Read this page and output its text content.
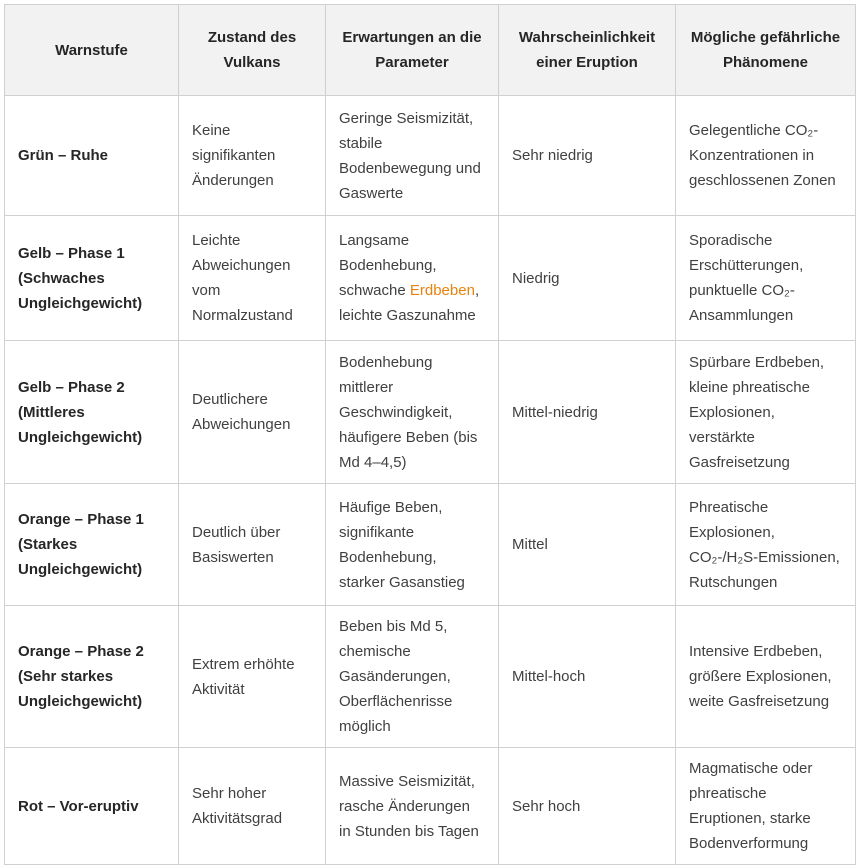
Warnstufe	Zustand des Vulkans	Erwartungen an die Parameter	Wahrscheinlichkeit einer Eruption	Mögliche gefährliche Phänomene
Grün – Ruhe	Keine signifikanten Änderungen	Geringe Seismizität, stabile Bodenbewegung und Gaswerte	Sehr niedrig	Gelegentliche CO₂-Konzentrationen in geschlossenen Zonen
Gelb – Phase 1 (Schwaches Ungleichgewicht)	Leichte Abweichungen vom Normalzustand	Langsame Bodenhebung, schwache Erdbeben, leichte Gaszunahme	Niedrig	Sporadische Erschütterungen, punktuelle CO₂-Ansammlungen
Gelb – Phase 2 (Mittleres Ungleichgewicht)	Deutlichere Abweichungen	Bodenhebung mittlerer Geschwindigkeit, häufigere Beben (bis Md 4–4,5)	Mittel-niedrig	Spürbare Erdbeben, kleine phreatische Explosionen, verstärkte Gasfreisetzung
Orange – Phase 1 (Starkes Ungleichgewicht)	Deutlich über Basiswerten	Häufige Beben, signifikante Bodenhebung, starker Gasanstieg	Mittel	Phreatische Explosionen, CO₂-/H₂S-Emissionen, Rutschungen
Orange – Phase 2 (Sehr starkes Ungleichgewicht)	Extrem erhöhte Aktivität	Beben bis Md 5, chemische Gasänderungen, Oberflächenrisse möglich	Mittel-hoch	Intensive Erdbeben, größere Explosionen, weite Gasfreisetzung
Rot – Vor-eruptiv	Sehr hoher Aktivitätsgrad	Massive Seismizität, rasche Änderungen in Stunden bis Tagen	Sehr hoch	Magmatische oder phreatische Eruptionen, starke Bodenverformung
